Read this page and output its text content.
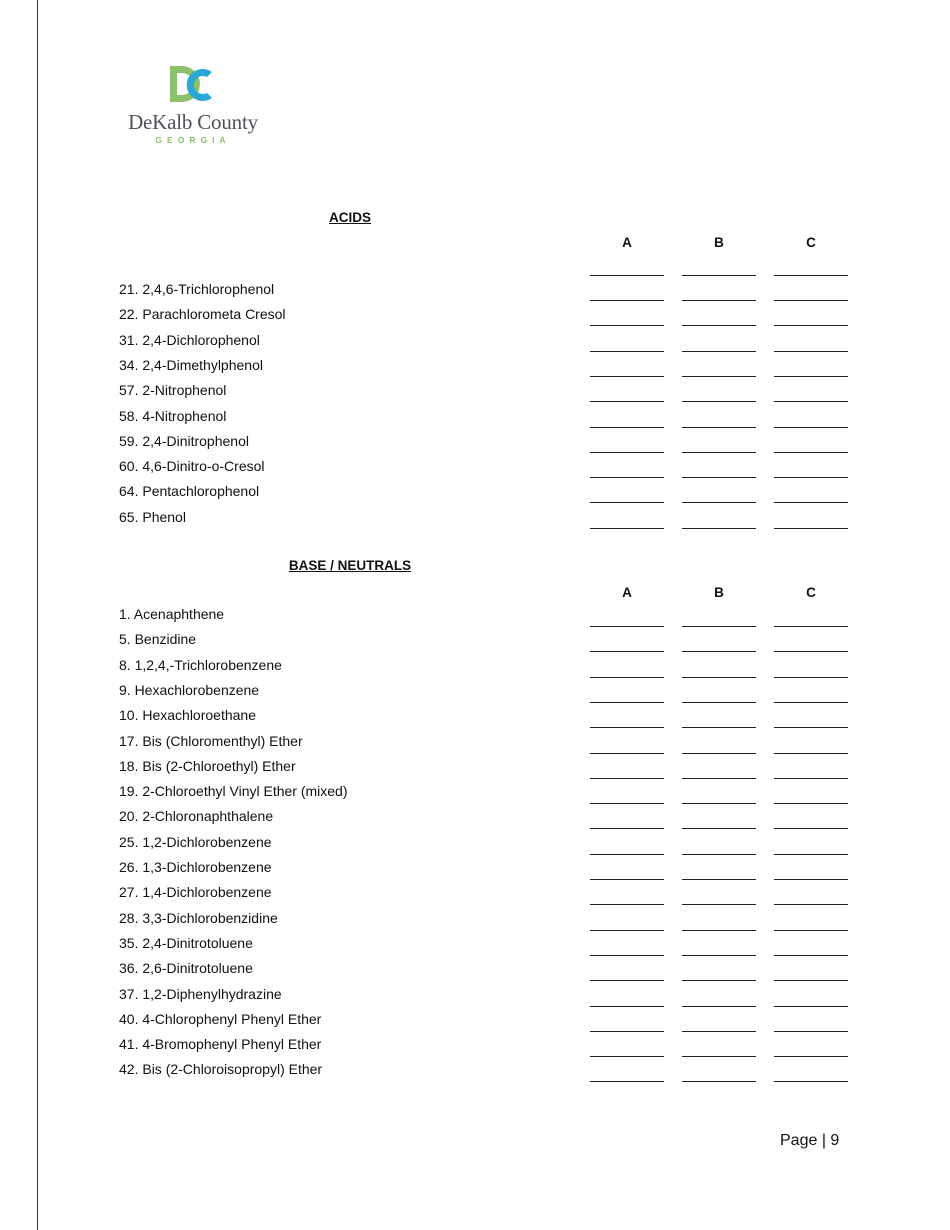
DeKalb County
GEORGIA
ACIDS
A	B	C
21. 2,4,6-Trichlorophenol
22. Parachlorometa Cresol
31. 2,4-Dichlorophenol
34. 2,4-Dimethylphenol
57. 2-Nitrophenol
58. 4-Nitrophenol
59. 2,4-Dinitrophenol
60. 4,6-Dinitro-o-Cresol
64. Pentachlorophenol
65. Phenol
BASE / NEUTRALS
A	B	C
1. Acenaphthene
5. Benzidine
8. 1,2,4,-Trichlorobenzene
9. Hexachlorobenzene
10. Hexachloroethane
17. Bis (Chloromenthyl) Ether
18. Bis (2-Chloroethyl) Ether
19. 2-Chloroethyl Vinyl Ether (mixed)
20. 2-Chloronaphthalene
25. 1,2-Dichlorobenzene
26. 1,3-Dichlorobenzene
27. 1,4-Dichlorobenzene
28. 3,3-Dichlorobenzidine
35. 2,4-Dinitrotoluene
36. 2,6-Dinitrotoluene
37. 1,2-Diphenylhydrazine
40. 4-Chlorophenyl Phenyl Ether
41. 4-Bromophenyl Phenyl Ether
42. Bis (2-Chloroisopropyl) Ether
Page | 9
